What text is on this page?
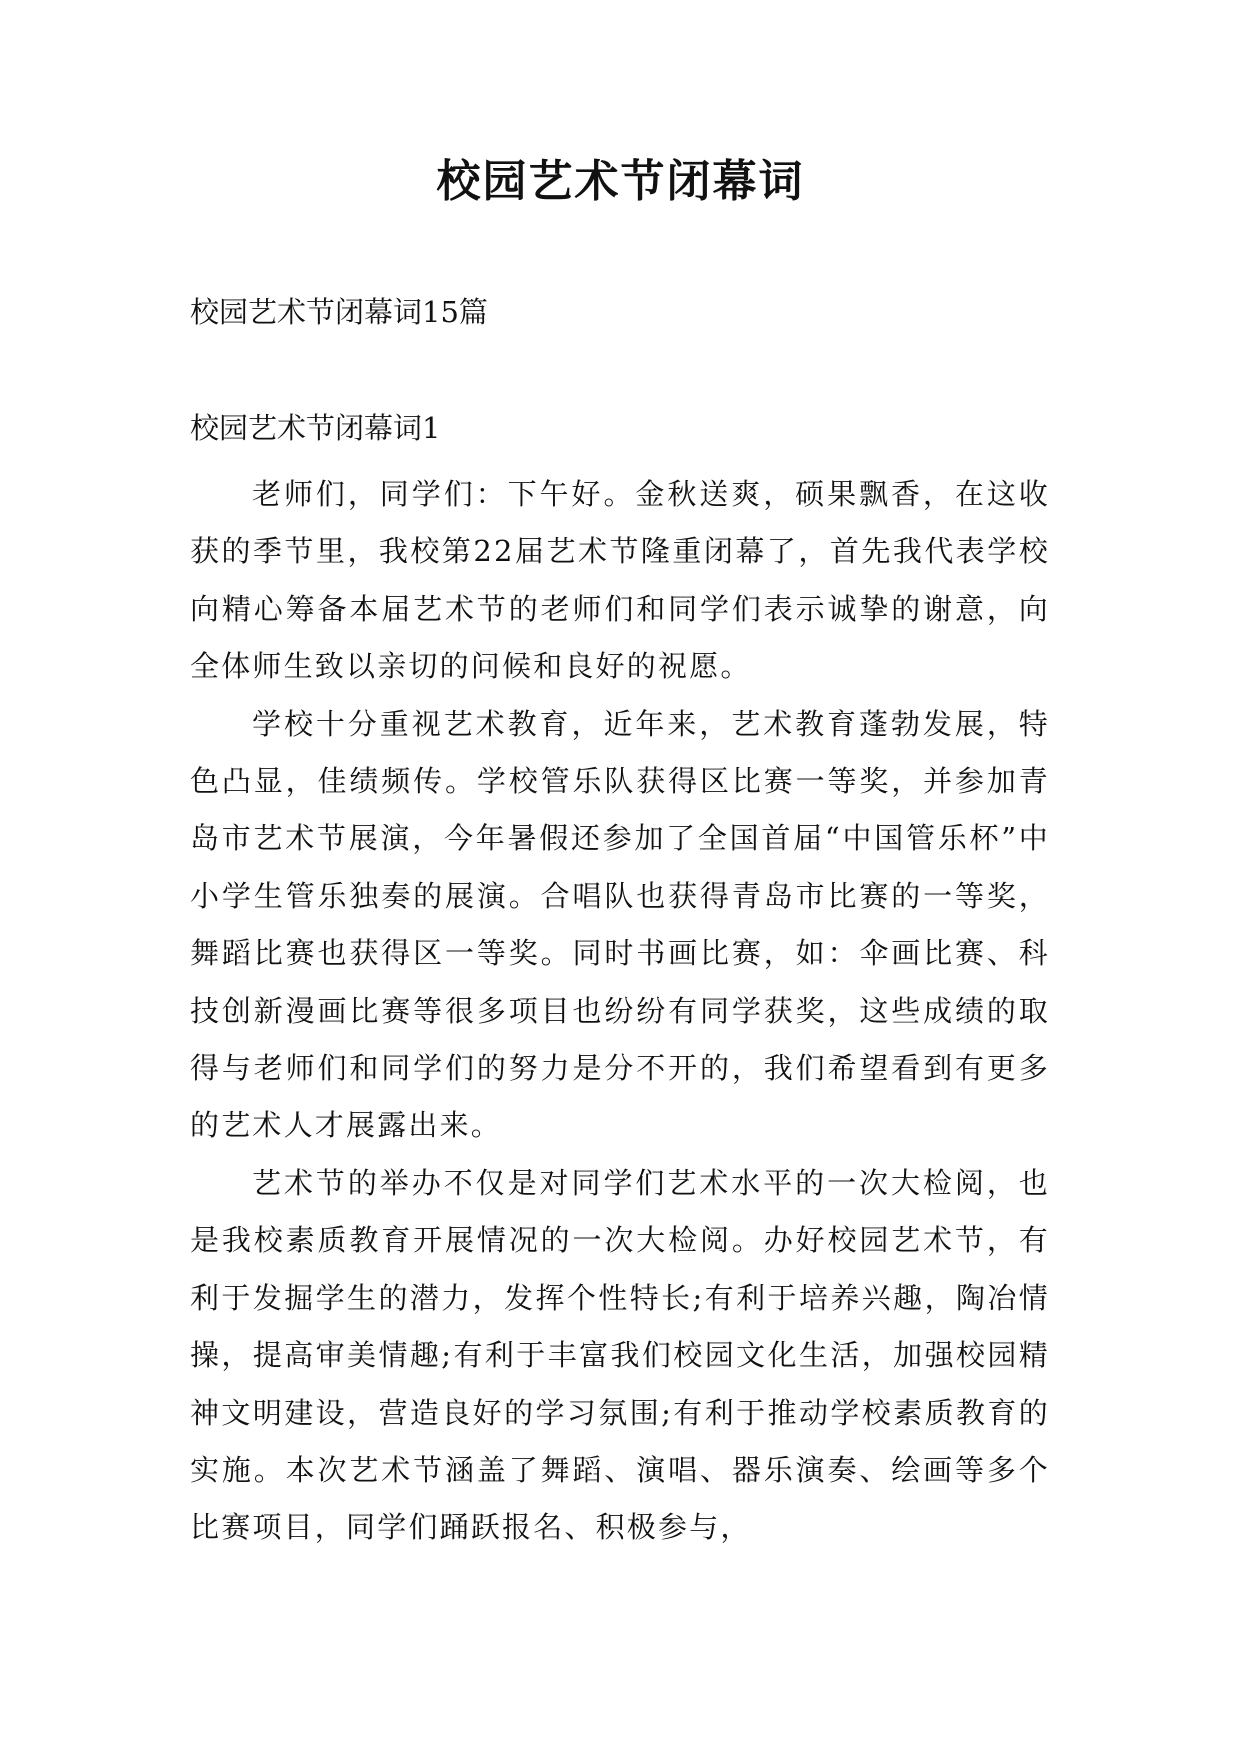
校园艺术节闭幕词
校园艺术节闭幕词15篇
校园艺术节闭幕词1

老师们，同学们：下午好。金秋送爽，硕果飘香，在这收获的季节里，我校第22届艺术节隆重闭幕了，首先我代表学校向精心筹备本届艺术节的老师们和同学们表示诚挚的谢意，向全体师生致以亲切的问候和良好的祝愿。

学校十分重视艺术教育，近年来，艺术教育蓬勃发展，特色凸显，佳绩频传。学校管乐队获得区比赛一等奖，并参加青岛市艺术节展演，今年暑假还参加了全国首届“中国管乐杯”中小学生管乐独奏的展演。合唱队也获得青岛市比赛的一等奖，舞蹈比赛也获得区一等奖。同时书画比赛，如：伞画比赛、科技创新漫画比赛等很多项目也纷纷有同学获奖，这些成绩的取得与老师们和同学们的努力是分不开的，我们希望看到有更多的艺术人才展露出来。

艺术节的举办不仅是对同学们艺术水平的一次大检阅，也是我校素质教育开展情况的一次大检阅。办好校园艺术节，有利于发掘学生的潜力，发挥个性特长;有利于培养兴趣，陶冶情操，提高审美情趣;有利于丰富我们校园文化生活，加强校园精神文明建设，营造良好的学习氛围;有利于推动学校素质教育的实施。本次艺术节涵盖了舞蹈、演唱、器乐演奏、绘画等多个比赛项目，同学们踊跃报名、积极参与，
